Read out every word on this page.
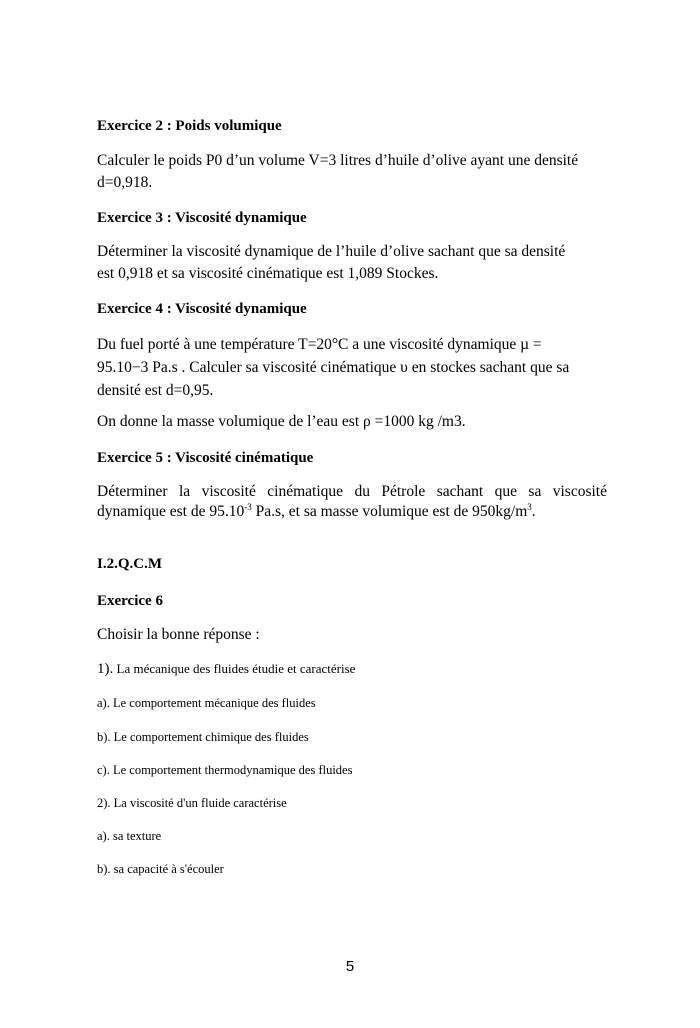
Exercice 2 : Poids volumique
Calculer le poids P0 d’un volume V=3 litres d’huile d’olive ayant une densité
d=0,918.
Exercice 3 : Viscosité dynamique
Déterminer la viscosité dynamique de l’huile d’olive sachant que sa densité
est 0,918 et sa viscosité cinématique est 1,089 Stockes.
Exercice 4 : Viscosité dynamique
Du fuel porté à une température T=20°C a une viscosité dynamique µ =
95.10−3 Pa.s . Calculer sa viscosité cinématique υ en stockes sachant que sa
densité est d=0,95.
On donne la masse volumique de l’eau est ρ =1000 kg /m3.
Exercice 5 : Viscosité cinématique
Déterminer la viscosité cinématique du Pétrole sachant que sa viscosité
dynamique est de $95.10^{-3}$ Pa.s, et sa masse volumique est de $950kg/m^3$.
I.2.Q.C.M
Exercice 6
Choisir la bonne réponse :
1). La mécanique des fluides étudie et caractérise
a). Le comportement mécanique des fluides
b). Le comportement chimique des fluides
c). Le comportement thermodynamique des fluides
2). La viscosité d'un fluide caractérise
a). sa texture
b). sa capacité à s'écouler
5
